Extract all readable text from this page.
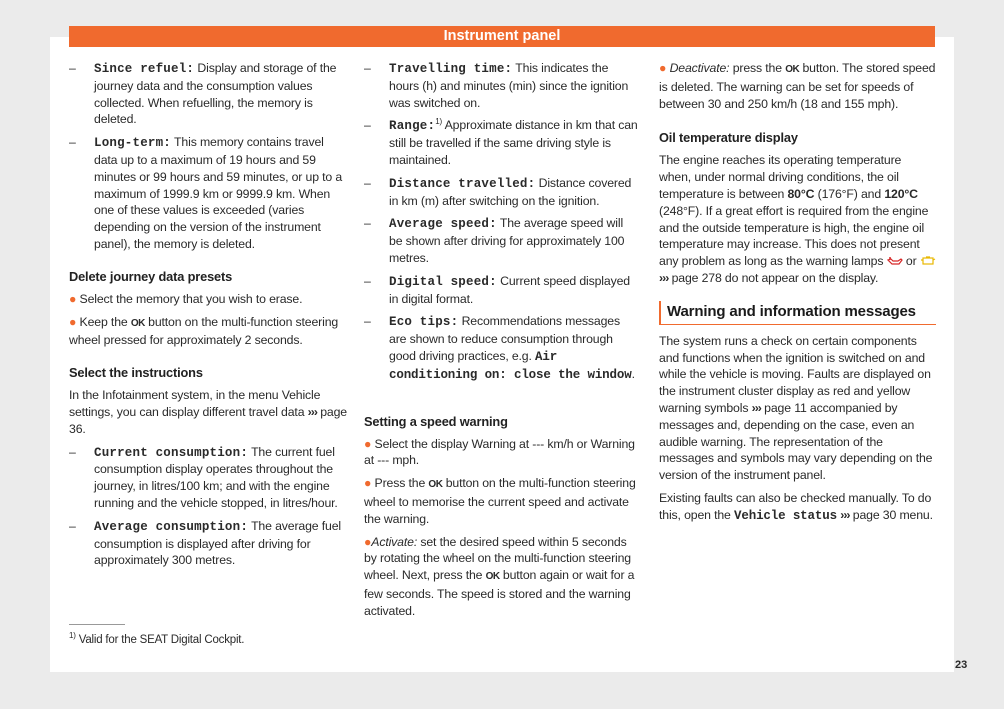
Instrument panel
– Since refuel: Display and storage of the journey data and the consumption values collected. When refuelling, the memory is deleted.
– Long-term: This memory contains travel data up to a maximum of 19 hours and 59 minutes or 99 hours and 59 minutes, or up to a maximum of 1999.9 km or 9999.9 km. When one of these values is exceeded (varies depending on the version of the instrument panel), the memory is deleted.
Delete journey data presets

● Select the memory that you wish to erase.

● Keep the OK button on the multi-function steering wheel pressed for approximately 2 seconds.

Select the instructions

In the Infotainment system, in the menu Vehicle settings, you can display different travel data ››› page 36.

– Current consumption: The current fuel consumption display operates throughout the journey, in litres/100 km; and with the engine running and the vehicle stopped, in litres/hour.
– Average consumption: The average fuel consumption is displayed after driving for approximately 300 metres.
– Travelling time: This indicates the hours (h) and minutes (min) since the ignition was switched on.
– Range:$^{1)}$ Approximate distance in km that can still be travelled if the same driving style is maintained.
– Distance travelled: Distance covered in km (m) after switching on the ignition.
– Average speed: The average speed will be shown after driving for approximately 100 metres.
– Digital speed: Current speed displayed in digital format.
– Eco tips: Recommendations messages are shown to reduce consumption through good driving practices, e.g. Air conditioning on: close the window.
Setting a speed warning

● Select the display Warning at --- km/h or Warning at --- mph.

● Press the OK button on the multi-function steering wheel to memorise the current speed and activate the warning.

●Activate: set the desired speed within 5 seconds by rotating the wheel on the multi-function steering wheel. Next, press the OK button again or wait for a few seconds. The speed is stored and the warning activated.

● Deactivate: press the OK button. The stored speed is deleted. The warning can be set for speeds of between 30 and 250 km/h (18 and 155 mph).

Oil temperature display

The engine reaches its operating temperature when, under normal driving conditions, the oil temperature is between 80°C (176°F) and 120°C (248°F). If a great effort is required from the engine and the outside temperature is high, the engine oil temperature may increase. This does not present any problem as long as the warning lamps  or  ››› page 278 do not appear on the display.

Warning and information messages

The system runs a check on certain components and functions when the ignition is switched on and while the vehicle is moving. Faults are displayed on the instrument cluster display as red and yellow warning symbols ››› page 11 accompanied by messages and, depending on the case, even an audible warning. The representation of the messages and symbols may vary depending on the version of the instrument panel.

Existing faults can also be checked manually. To do this, open the Vehicle status ››› page 30 menu.

$^{1)}$ Valid for the SEAT Digital Cockpit.
23
